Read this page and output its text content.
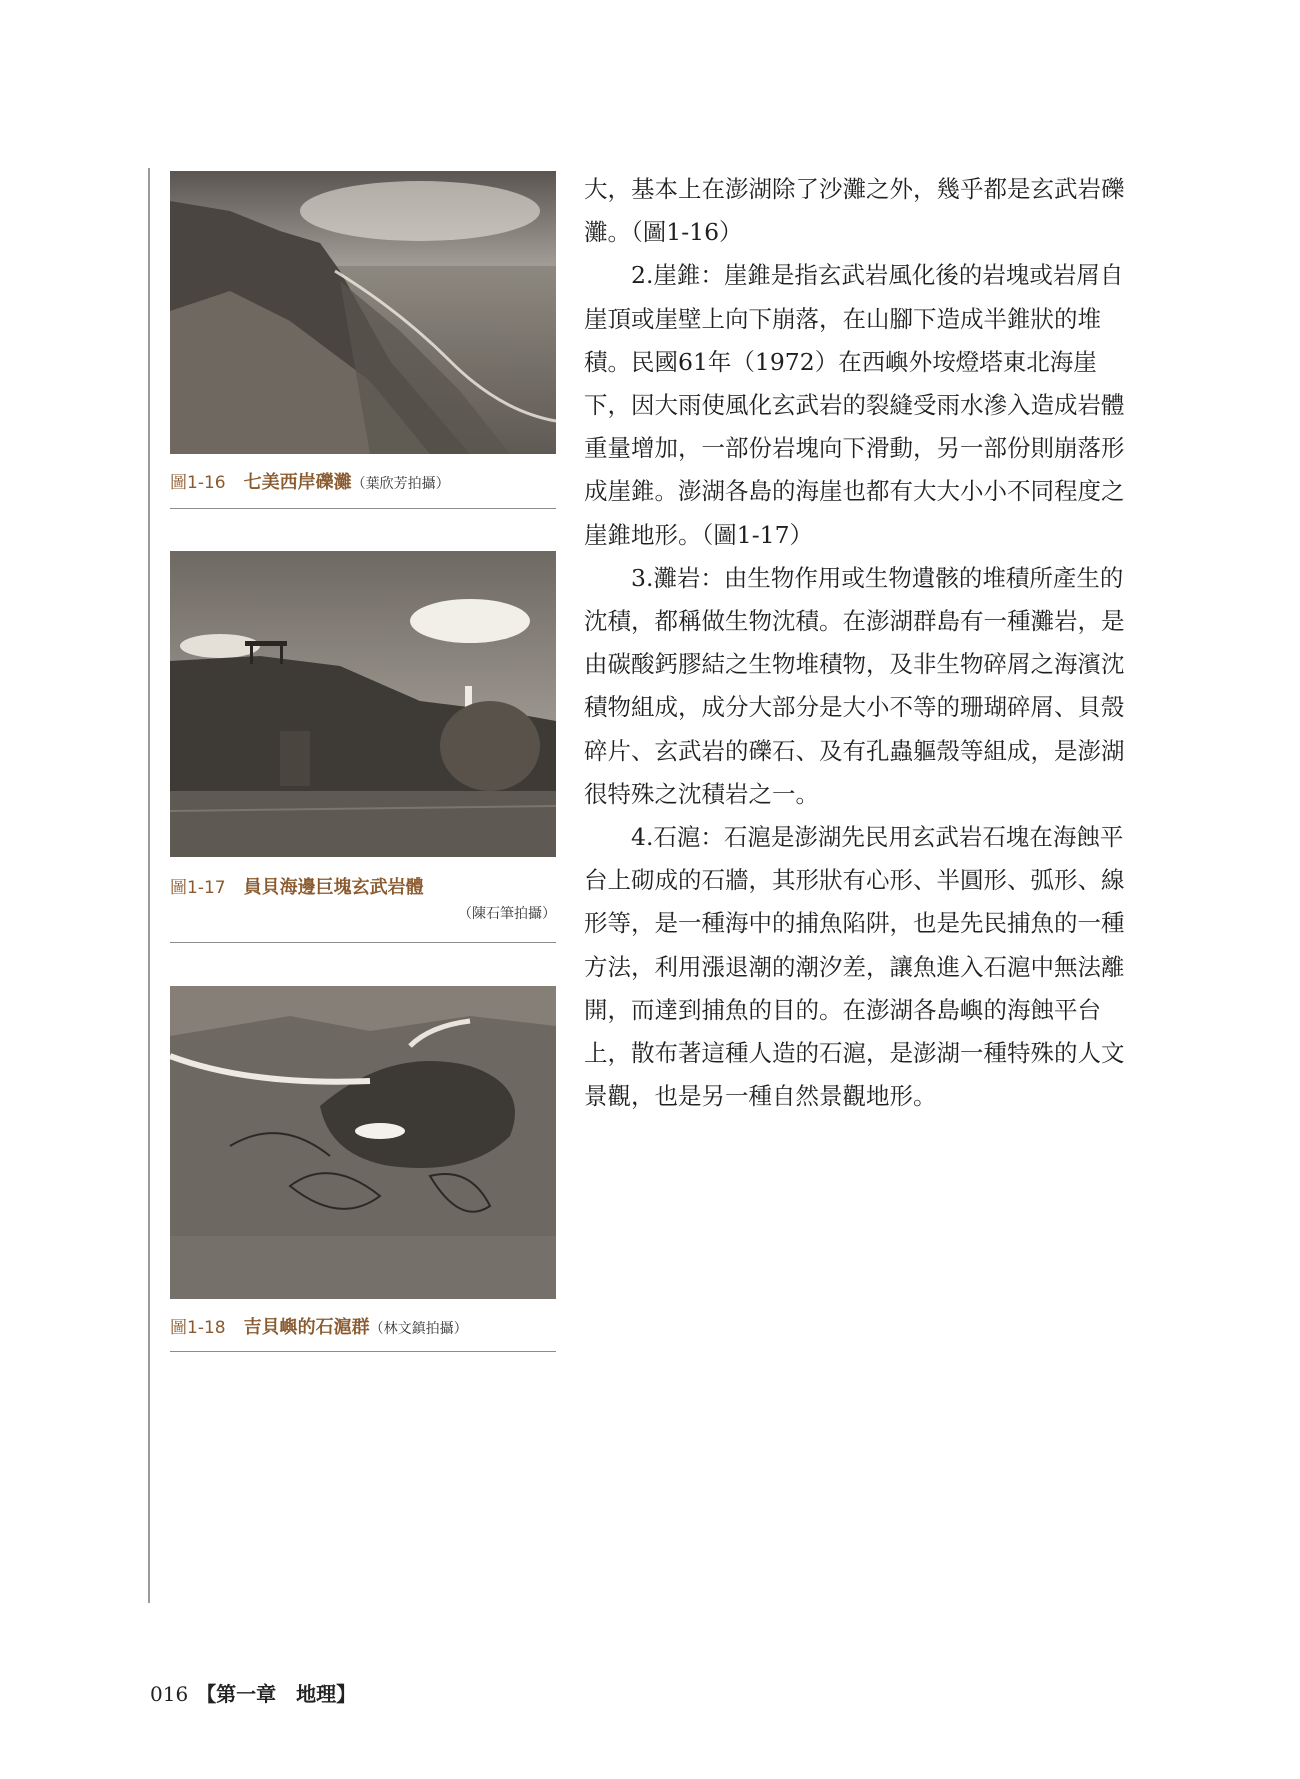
圖1-16 七美西岸礫灘（葉欣芳拍攝）
圖1-17 員貝海邊巨塊玄武岩體
（陳石筆拍攝）
圖1-18 吉貝嶼的石滬群（林文鎮拍攝）

大，基本上在澎湖除了沙灘之外，幾乎都是玄武岩礫灘。（圖1-16）

2.崖錐：崖錐是指玄武岩風化後的岩塊或岩屑自崖頂或崖壁上向下崩落，在山腳下造成半錐狀的堆積。民國61年（1972）在西嶼外垵燈塔東北海崖下，因大雨使風化玄武岩的裂縫受雨水滲入造成岩體重量增加，一部份岩塊向下滑動，另一部份則崩落形成崖錐。澎湖各島的海崖也都有大大小小不同程度之崖錐地形。（圖1-17）

3.灘岩：由生物作用或生物遺骸的堆積所產生的沈積，都稱做生物沈積。在澎湖群島有一種灘岩，是由碳酸鈣膠結之生物堆積物，及非生物碎屑之海濱沈積物組成，成分大部分是大小不等的珊瑚碎屑、貝殼碎片、玄武岩的礫石、及有孔蟲軀殼等組成，是澎湖很特殊之沈積岩之一。

4.石滬：石滬是澎湖先民用玄武岩石塊在海蝕平台上砌成的石牆，其形狀有心形、半圓形、弧形、線形等，是一種海中的捕魚陷阱，也是先民捕魚的一種方法，利用漲退潮的潮汐差，讓魚進入石滬中無法離開，而達到捕魚的目的。在澎湖各島嶼的海蝕平台上，散布著這種人造的石滬，是澎湖一種特殊的人文景觀，也是另一種自然景觀地形。

016 【第一章　地理】
